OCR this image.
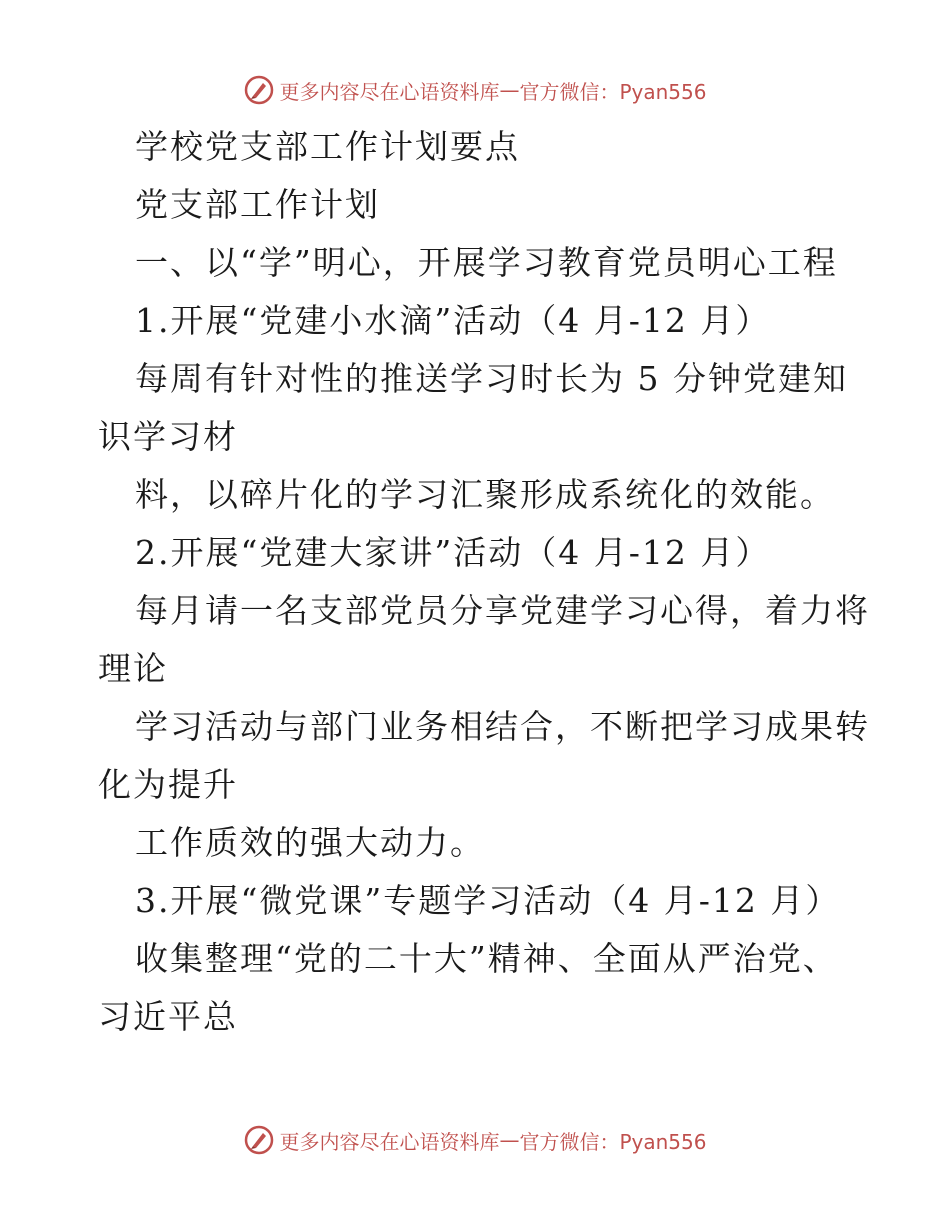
更多内容尽在心语资料库 — 官方微信：Pyan556
学校党支部工作计划要点
党支部工作计划
一、以“学”明心，开展学习教育党员明心工程
1.开展“党建小水滴”活动（4 月-12 月）
每周有针对性的推送学习时长为 5 分钟党建知
识学习材
料，以碎片化的学习汇聚形成系统化的效能。
2.开展“党建大家讲”活动（4 月-12 月）
每月请一名支部党员分享党建学习心得，着力将
理论
学习活动与部门业务相结合，不断把学习成果转
化为提升
工作质效的强大动力。
3.开展“微党课”专题学习活动（4 月-12 月）
收集整理“党的二十大”精神、全面从严治党、
习近平总
更多内容尽在心语资料库 — 官方微信：Pyan556
